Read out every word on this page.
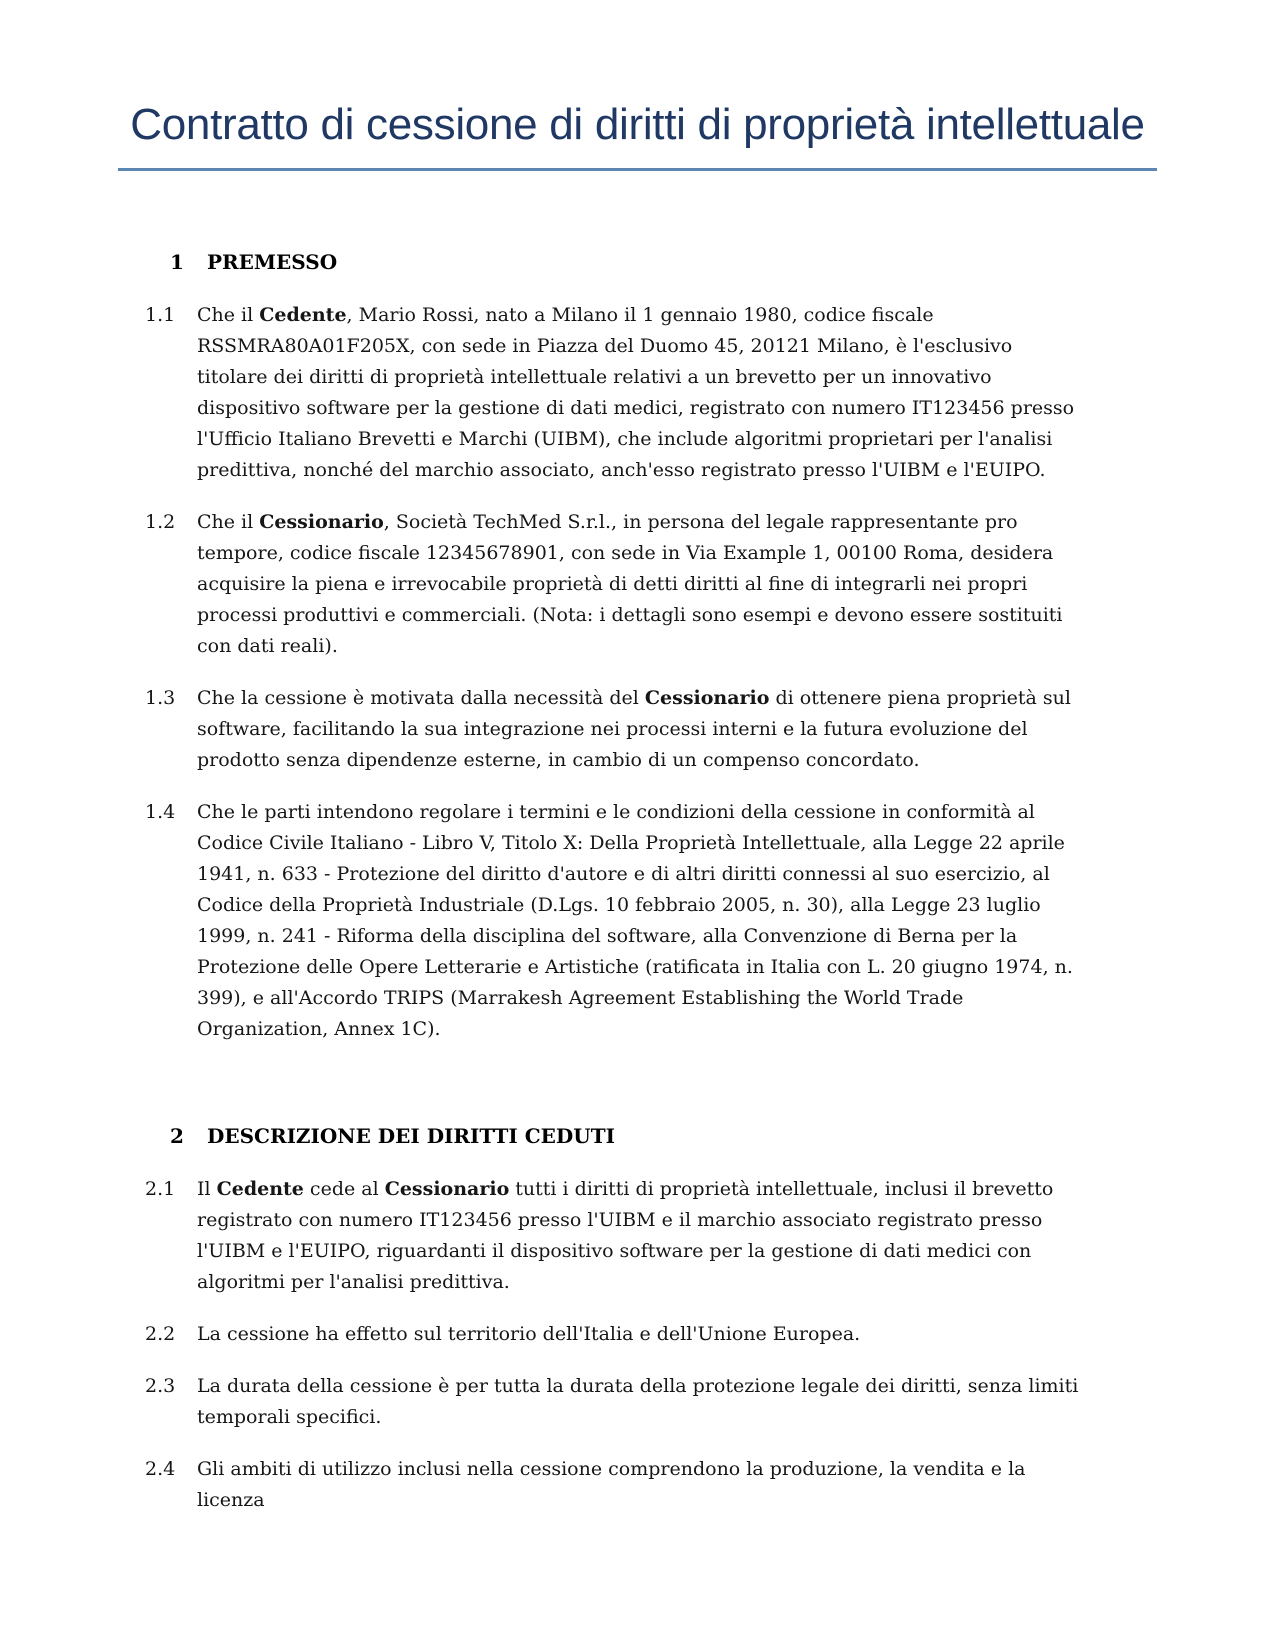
Contratto di cessione di diritti di proprietà intellettuale
1	PREMESSO
1.1	Che il Cedente, Mario Rossi, nato a Milano il 1 gennaio 1980, codice fiscale RSSMRA80A01F205X, con sede in Piazza del Duomo 45, 20121 Milano, è l'esclusivo titolare dei diritti di proprietà intellettuale relativi a un brevetto per un innovativo dispositivo software per la gestione di dati medici, registrato con numero IT123456 presso l'Ufficio Italiano Brevetti e Marchi (UIBM), che include algoritmi proprietari per l'analisi predittiva, nonché del marchio associato, anch'esso registrato presso l'UIBM e l'EUIPO.

1.2	Che il Cessionario, Società TechMed S.r.l., in persona del legale rappresentante pro tempore, codice fiscale 12345678901, con sede in Via Example 1, 00100 Roma, desidera acquisire la piena e irrevocabile proprietà di detti diritti al fine di integrarli nei propri processi produttivi e commerciali. (Nota: i dettagli sono esempi e devono essere sostituiti con dati reali).

1.3	Che la cessione è motivata dalla necessità del Cessionario di ottenere piena proprietà sul software, facilitando la sua integrazione nei processi interni e la futura evoluzione del prodotto senza dipendenze esterne, in cambio di un compenso concordato.

1.4	Che le parti intendono regolare i termini e le condizioni della cessione in conformità al Codice Civile Italiano - Libro V, Titolo X: Della Proprietà Intellettuale, alla Legge 22 aprile 1941, n. 633 - Protezione del diritto d'autore e di altri diritti connessi al suo esercizio, al Codice della Proprietà Industriale (D.Lgs. 10 febbraio 2005, n. 30), alla Legge 23 luglio 1999, n. 241 - Riforma della disciplina del software, alla Convenzione di Berna per la Protezione delle Opere Letterarie e Artistiche (ratificata in Italia con L. 20 giugno 1974, n. 399), e all'Accordo TRIPS (Marrakesh Agreement Establishing the World Trade Organization, Annex 1C).

2	DESCRIZIONE DEI DIRITTI CEDUTI
2.1	Il Cedente cede al Cessionario tutti i diritti di proprietà intellettuale, inclusi il brevetto registrato con numero IT123456 presso l'UIBM e il marchio associato registrato presso l'UIBM e l'EUIPO, riguardanti il dispositivo software per la gestione di dati medici con algoritmi per l'analisi predittiva.

2.2	La cessione ha effetto sul territorio dell'Italia e dell'Unione Europea.

2.3	La durata della cessione è per tutta la durata della protezione legale dei diritti, senza limiti temporali specifici.

2.4	Gli ambiti di utilizzo inclusi nella cessione comprendono la produzione, la vendita e la licenza
